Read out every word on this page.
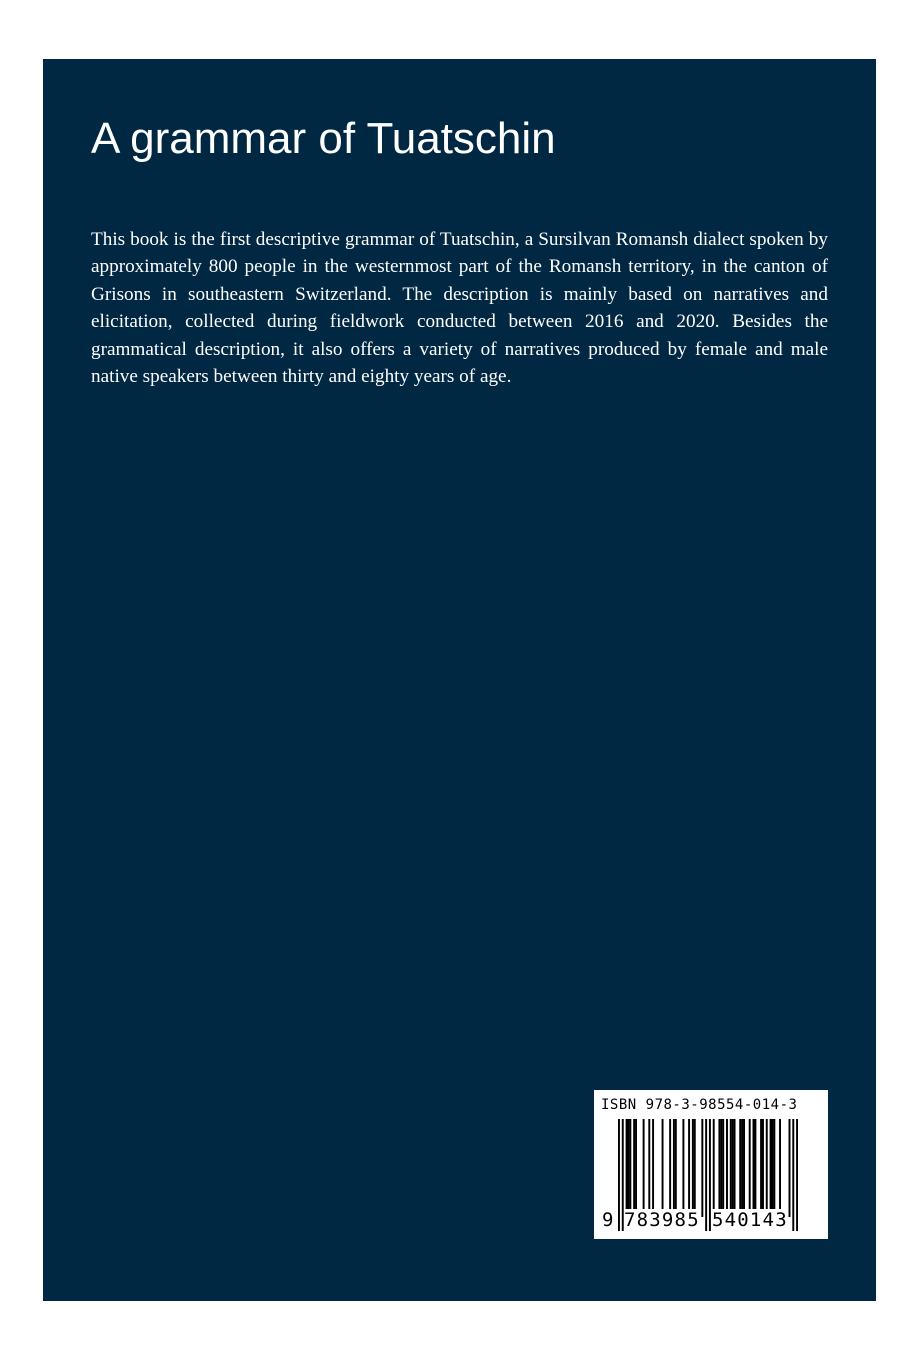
A grammar of Tuatschin

This book is the first descriptive grammar of Tuatschin, a Sursilvan Romansh dialect spoken by approximately 800 people in the westernmost part of the Romansh territory, in the canton of Grisons in southeastern Switzerland. The description is mainly based on narratives and elicitation, collected during fieldwork conducted between 2016 and 2020. Besides the grammatical description, it also offers a variety of narratives produced by female and male native speakers between thirty and eighty years of age.

ISBN 978-3-98554-014-3
9 783985 540143
